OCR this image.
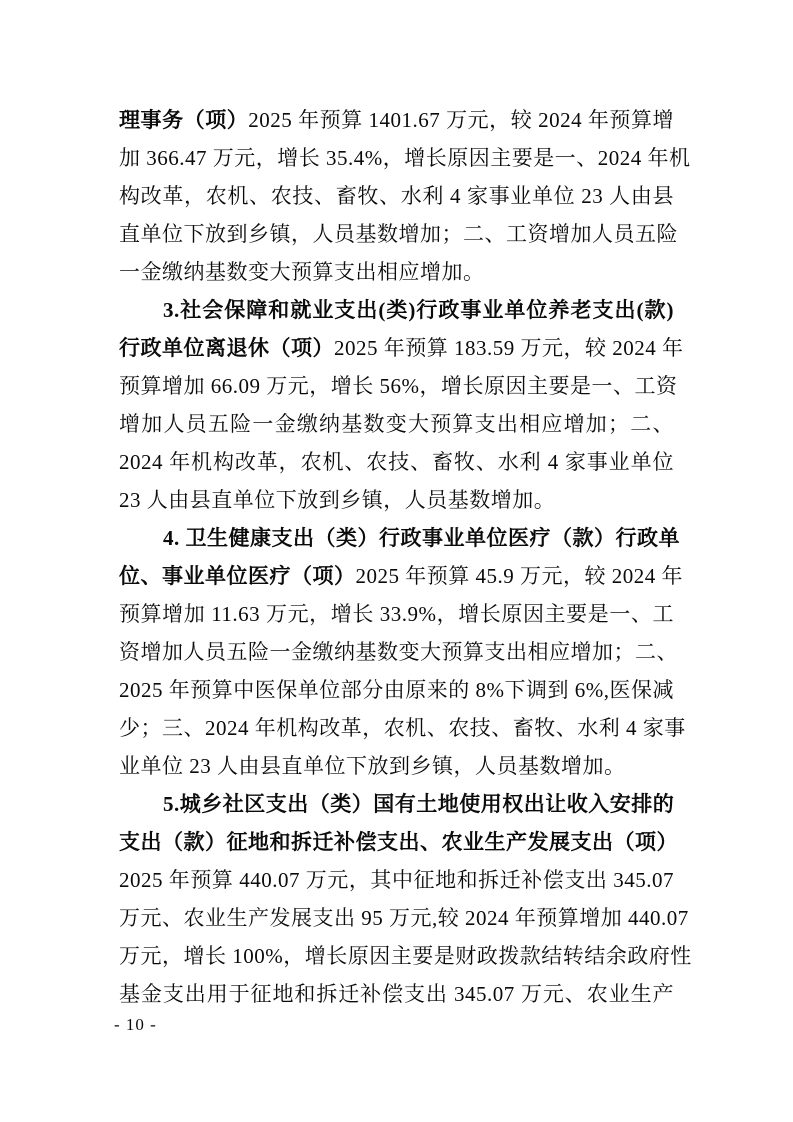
理事务（项）2025 年预算 1401.67 万元，较 2024 年预算增
加 366.47 万元，增长 35.4%，增长原因主要是一、2024 年机
构改革，农机、农技、畜牧、水利 4 家事业单位 23 人由县
直单位下放到乡镇，人员基数增加；二、工资增加人员五险
一金缴纳基数变大预算支出相应增加。
3.社会保障和就业支出(类)行政事业单位养老支出(款)
行政单位离退休（项）2025 年预算 183.59 万元，较 2024 年
预算增加 66.09 万元，增长 56%，增长原因主要是一、工资
增加人员五险一金缴纳基数变大预算支出相应增加；二、
2024 年机构改革，农机、农技、畜牧、水利 4 家事业单位
23 人由县直单位下放到乡镇，人员基数增加。
4. 卫生健康支出（类）行政事业单位医疗（款）行政单
位、事业单位医疗（项）2025 年预算 45.9 万元，较 2024 年
预算增加 11.63 万元，增长 33.9%，增长原因主要是一、工
资增加人员五险一金缴纳基数变大预算支出相应增加；二、
2025 年预算中医保单位部分由原来的 8%下调到 6%,医保减
少；三、2024 年机构改革，农机、农技、畜牧、水利 4 家事
业单位 23 人由县直单位下放到乡镇，人员基数增加。
5.城乡社区支出（类）国有土地使用权出让收入安排的
支出（款）征地和拆迁补偿支出、农业生产发展支出（项）
2025 年预算 440.07 万元，其中征地和拆迁补偿支出 345.07
万元、农业生产发展支出 95 万元,较 2024 年预算增加 440.07
万元，增长 100%，增长原因主要是财政拨款结转结余政府性
基金支出用于征地和拆迁补偿支出 345.07 万元、农业生产
- 10 -
